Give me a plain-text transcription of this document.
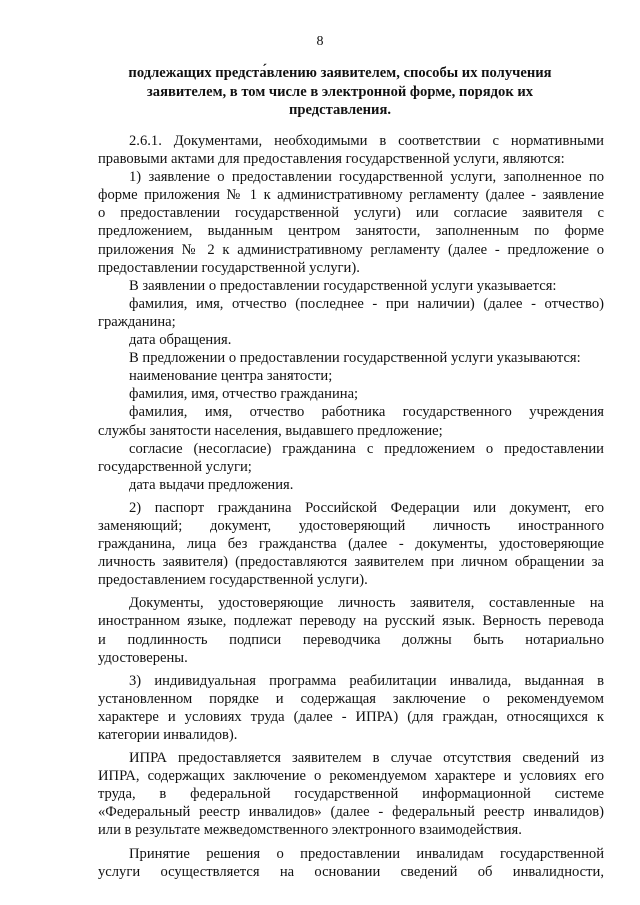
8
подлежащих предста́влению заявителем, способы их получения
заявителем, в том числе в электронной форме, порядок их
представления.

2.6.1. Документами, необходимыми в соответствии с нормативными
правовыми актами для предоставления государственной услуги, являются:

1) заявление о предоставлении государственной услуги, заполненное по
форме приложения № 1 к административному регламенту (далее - заявление
о предоставлении государственной услуги) или согласие заявителя с
предложением, выданным центром занятости, заполненным по форме
приложения № 2 к административному регламенту (далее - предложение о
предоставлении государственной услуги).

В заявлении о предоставлении государственной услуги указывается:

фамилия, имя, отчество (последнее - при наличии) (далее - отчество)
гражданина;

дата обращения.

В предложении о предоставлении государственной услуги указываются:

наименование центра занятости;

фамилия, имя, отчество гражданина;

фамилия, имя, отчество работника государственного учреждения
службы занятости населения, выдавшего предложение;

согласие (несогласие) гражданина с предложением о предоставлении
государственной услуги;

дата выдачи предложения.

2) паспорт гражданина Российской Федерации или документ, его
заменяющий; документ, удостоверяющий личность иностранного
гражданина, лица без гражданства (далее - документы, удостоверяющие
личность заявителя) (предоставляются заявителем при личном обращении за
предоставлением государственной услуги).

Документы, удостоверяющие личность заявителя, составленные на
иностранном языке, подлежат переводу на русский язык. Верность перевода
и подлинность подписи переводчика должны быть нотариально
удостоверены.

3) индивидуальная программа реабилитации инвалида, выданная в
установленном порядке и содержащая заключение о рекомендуемом
характере и условиях труда (далее - ИПРА) (для граждан, относящихся к
категории инвалидов).

ИПРА предоставляется заявителем в случае отсутствия сведений из
ИПРА, содержащих заключение о рекомендуемом характере и условиях его
труда, в федеральной государственной информационной системе
«Федеральный реестр инвалидов» (далее - федеральный реестр инвалидов)
или в результате межведомственного электронного взаимодействия.

Принятие решения о предоставлении инвалидам государственной
услуги осуществляется на основании сведений об инвалидности,
